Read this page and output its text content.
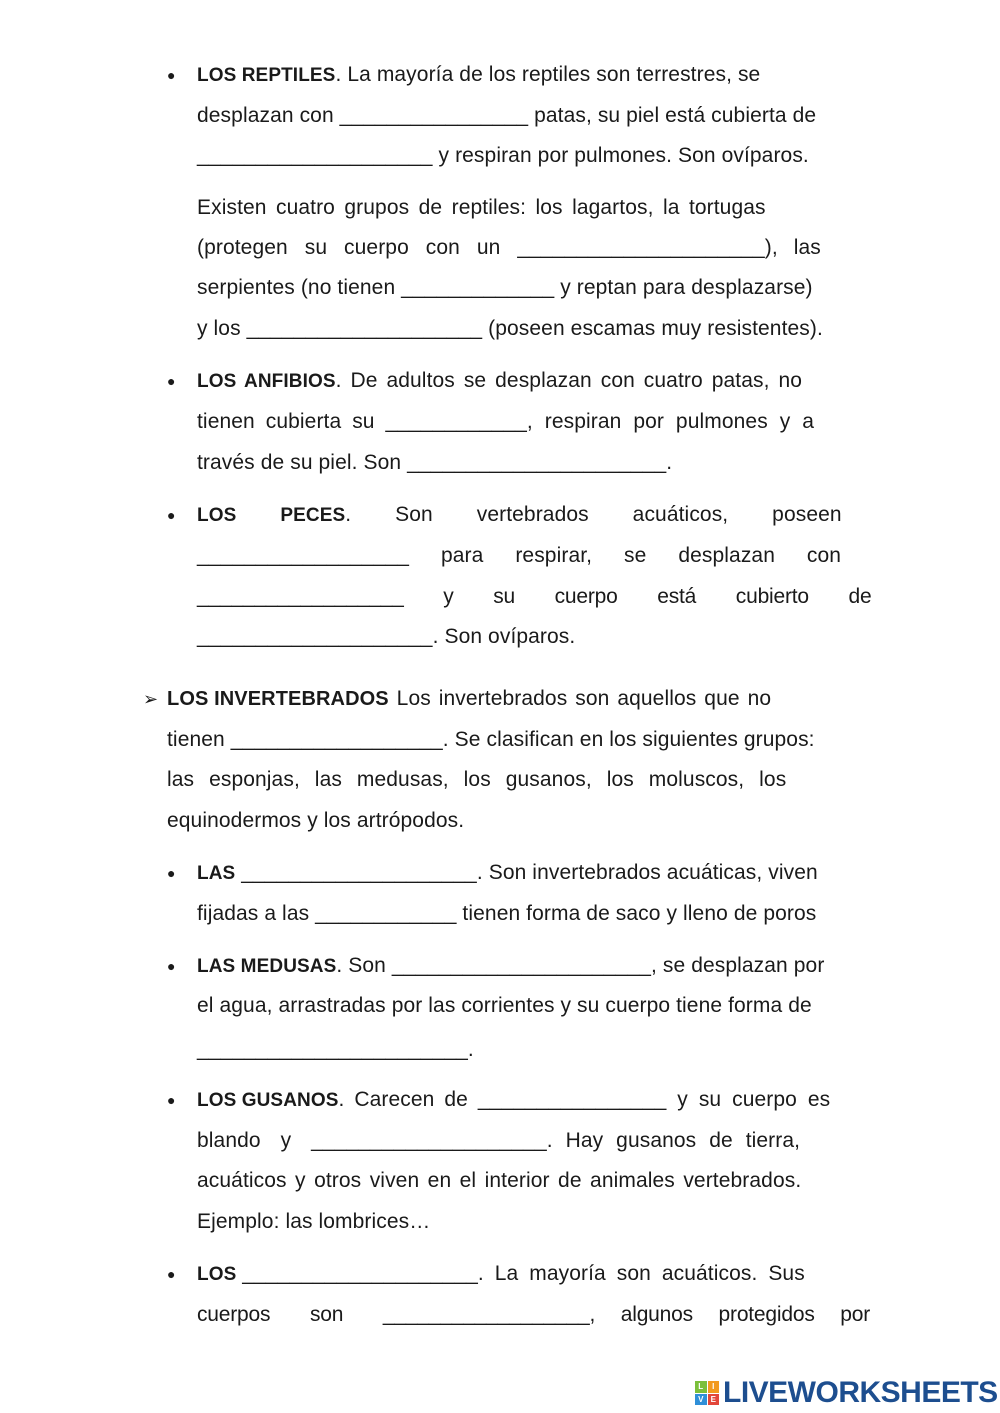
● LOS REPTILES. La mayoría de los reptiles son terrestres, se
desplazan con ________________ patas, su piel está cubierta de
____________________ y respiran por pulmones. Son ovíparos.
Existen cuatro grupos de reptiles: los lagartos, la tortugas
(protegen su cuerpo con un _____________________), las
serpientes (no tienen _____________ y reptan para desplazarse)
y los ____________________ (poseen escamas muy resistentes).
● LOS ANFIBIOS. De adultos se desplazan con cuatro patas, no
tienen cubierta su ____________, respiran por pulmones y a
través de su piel. Son ______________________.
● LOS PECES. Son vertebrados acuáticos, poseen
__________________ para respirar, se desplazan con
__________________ y su cuerpo está cubierto de
____________________. Son ovíparos.
➢ LOS INVERTEBRADOS Los invertebrados son aquellos que no
tienen __________________. Se clasifican en los siguientes grupos:
las esponjas, las medusas, los gusanos, los moluscos, los
equinodermos y los artrópodos.
● LAS ____________________. Son invertebrados acuáticas, viven
fijadas a las ____________ tienen forma de saco y lleno de poros
● LAS MEDUSAS. Son ______________________, se desplazan por
el agua, arrastradas por las corrientes y su cuerpo tiene forma de
_______________________.
● LOS GUSANOS. Carecen de ________________ y su cuerpo es
blando y ____________________. Hay gusanos de tierra,
acuáticos y otros viven en el interior de animales vertebrados.
Ejemplo: las lombrices…
● LOS ____________________. La mayoría son acuáticos. Sus
cuerpos son __________________, algunos protegidos por
L	I
V E LIVEWORKSHEETS
